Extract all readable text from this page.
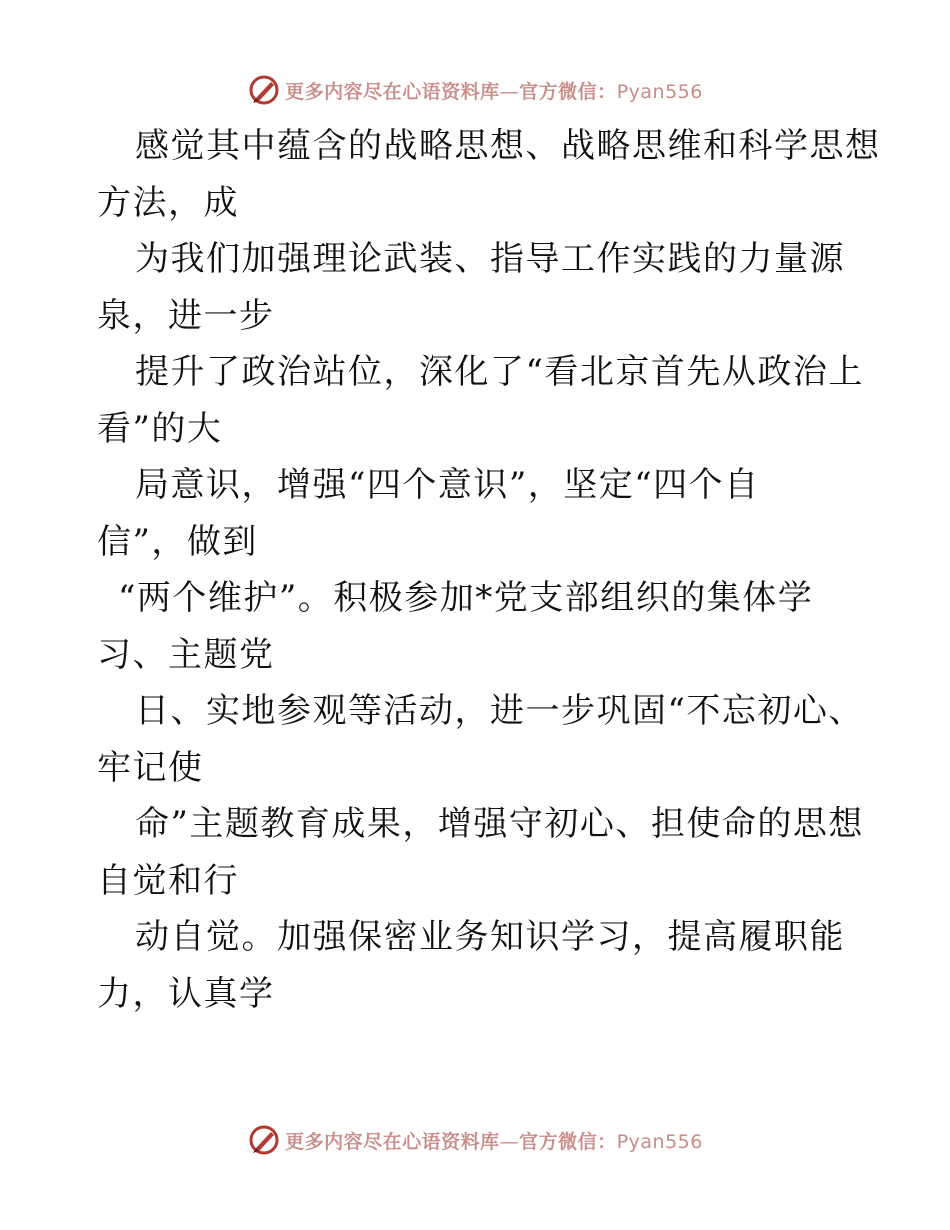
更多内容尽在心语资料库—官方微信：Pyan556
感觉其中蕴含的战略思想、战略思维和科学思想
方法，成
为我们加强理论武装、指导工作实践的力量源
泉，进一步
提升了政治站位，深化了“看北京首先从政治上
看”的大
局意识，增强“四个意识”，坚定“四个自
信”，做到
“两个维护”。积极参加*党支部组织的集体学
习、主题党
日、实地参观等活动，进一步巩固“不忘初心、
牢记使
命”主题教育成果，增强守初心、担使命的思想
自觉和行
动自觉。加强保密业务知识学习，提高履职能
力，认真学
更多内容尽在心语资料库—官方微信：Pyan556
